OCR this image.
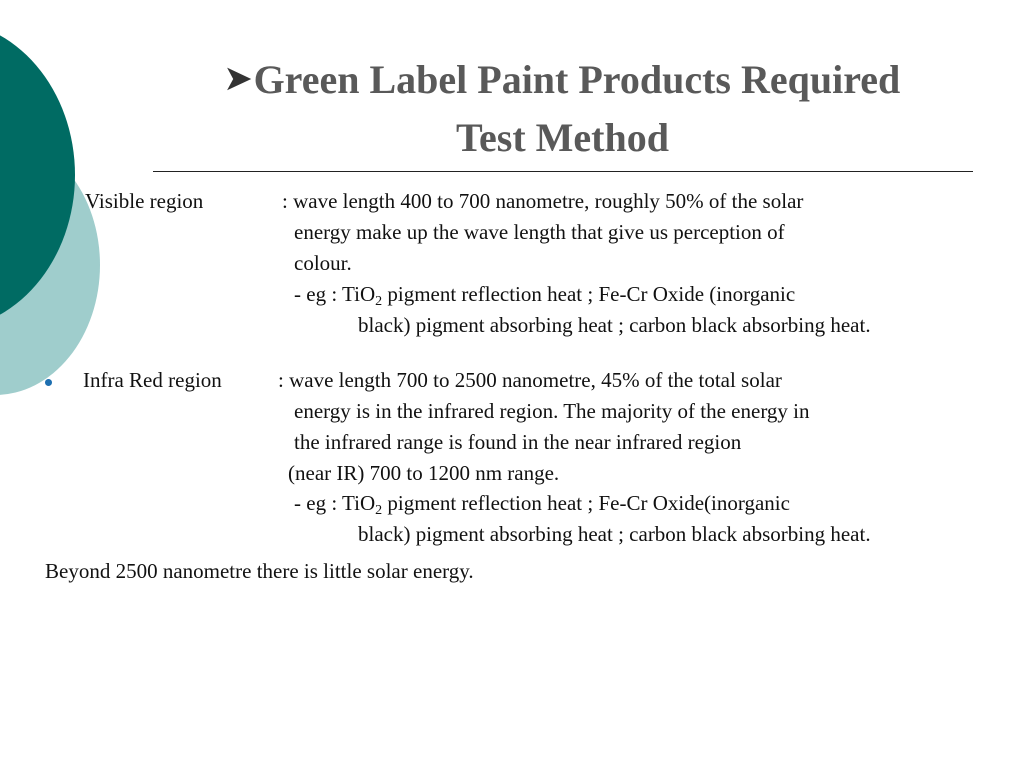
➤Green Label Paint Products Required
Test Method
Visible region	: wave length 400 to 700 nanometre, roughly 50% of the solar
energy make up the wave length that give us perception of
colour.
- eg : TiO$_2$ pigment reflection heat ; Fe-Cr Oxide (inorganic
black) pigment absorbing heat ; carbon black absorbing heat.
Infra Red region	: wave length 700 to 2500 nanometre, 45% of the total solar
energy is in the infrared region. The majority of the energy in
the infrared range is found in the near infrared region
(near IR) 700 to 1200 nm range.
- eg : TiO$_2$ pigment reflection heat ; Fe-Cr Oxide(inorganic
black) pigment absorbing heat ; carbon black absorbing heat.
Beyond 2500 nanometre there is little solar energy.
